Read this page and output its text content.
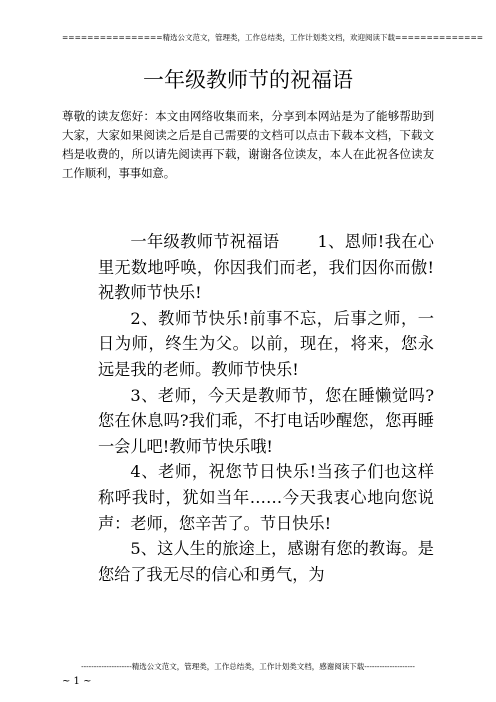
================精选公文范文，管理类，工作总结类，工作计划类文档，欢迎阅读下载==============
一年级教师节的祝福语
尊敬的读友您好：本文由网络收集而来，分享到本网站是为了能够帮助到大家，大家如果阅读之后是自己需要的文档可以点击下载本文档，下载文档是收费的，所以请先阅读再下载，谢谢各位读友，本人在此祝各位读友工作顺利，事事如意。

一年级教师节祝福语 1、恩师!我在心里无数地呼唤，你因我们而老，我们因你而傲!祝教师节快乐!

2、教师节快乐!前事不忘，后事之师，一日为师，终生为父。以前，现在，将来，您永远是我的老师。教师节快乐!

3、老师，今天是教师节，您在睡懒觉吗?您在休息吗?我们乖，不打电话吵醒您，您再睡一会儿吧!教师节快乐哦!

4、老师，祝您节日快乐!当孩子们也这样称呼我时，犹如当年……今天我衷心地向您说声：老师，您辛苦了。节日快乐!

5、这人生的旅途上，感谢有您的教诲。是您给了我无尽的信心和勇气，为

--------------------精选公文范文，管理类，工作总结类，工作计划类文档，感谢阅读下载--------------------
~ 1 ~
